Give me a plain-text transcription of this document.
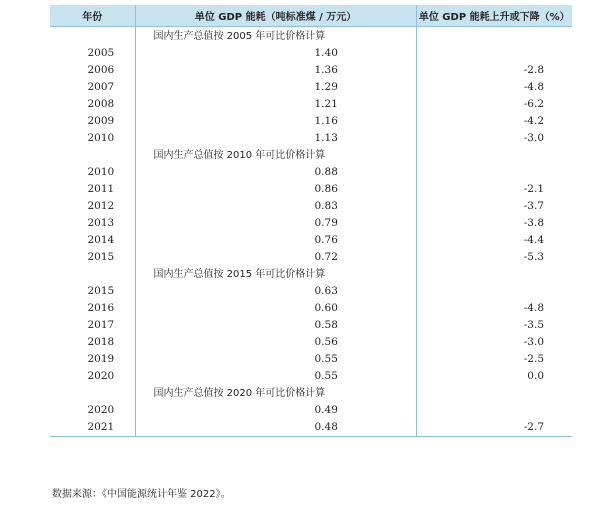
年份	单位 GDP 能耗（吨标准煤 / 万元）	单位 GDP 能耗上升或下降（%）
	国内生产总值按 2005 年可比价格计算	
2005	1.40	
2006	1.36	-2.8
2007	1.29	-4.8
2008	1.21	-6.2
2009	1.16	-4.2
2010	1.13	-3.0
	国内生产总值按 2010 年可比价格计算	
2010	0.88	
2011	0.86	-2.1
2012	0.83	-3.7
2013	0.79	-3.8
2014	0.76	-4.4
2015	0.72	-5.3
	国内生产总值按 2015 年可比价格计算	
2015	0.63	
2016	0.60	-4.8
2017	0.58	-3.5
2018	0.56	-3.0
2019	0.55	-2.5
2020	0.55	0.0
	国内生产总值按 2020 年可比价格计算	
2020	0.49	
2021	0.48	-2.7
数据来源：《中国能源统计年鉴 2022》。
